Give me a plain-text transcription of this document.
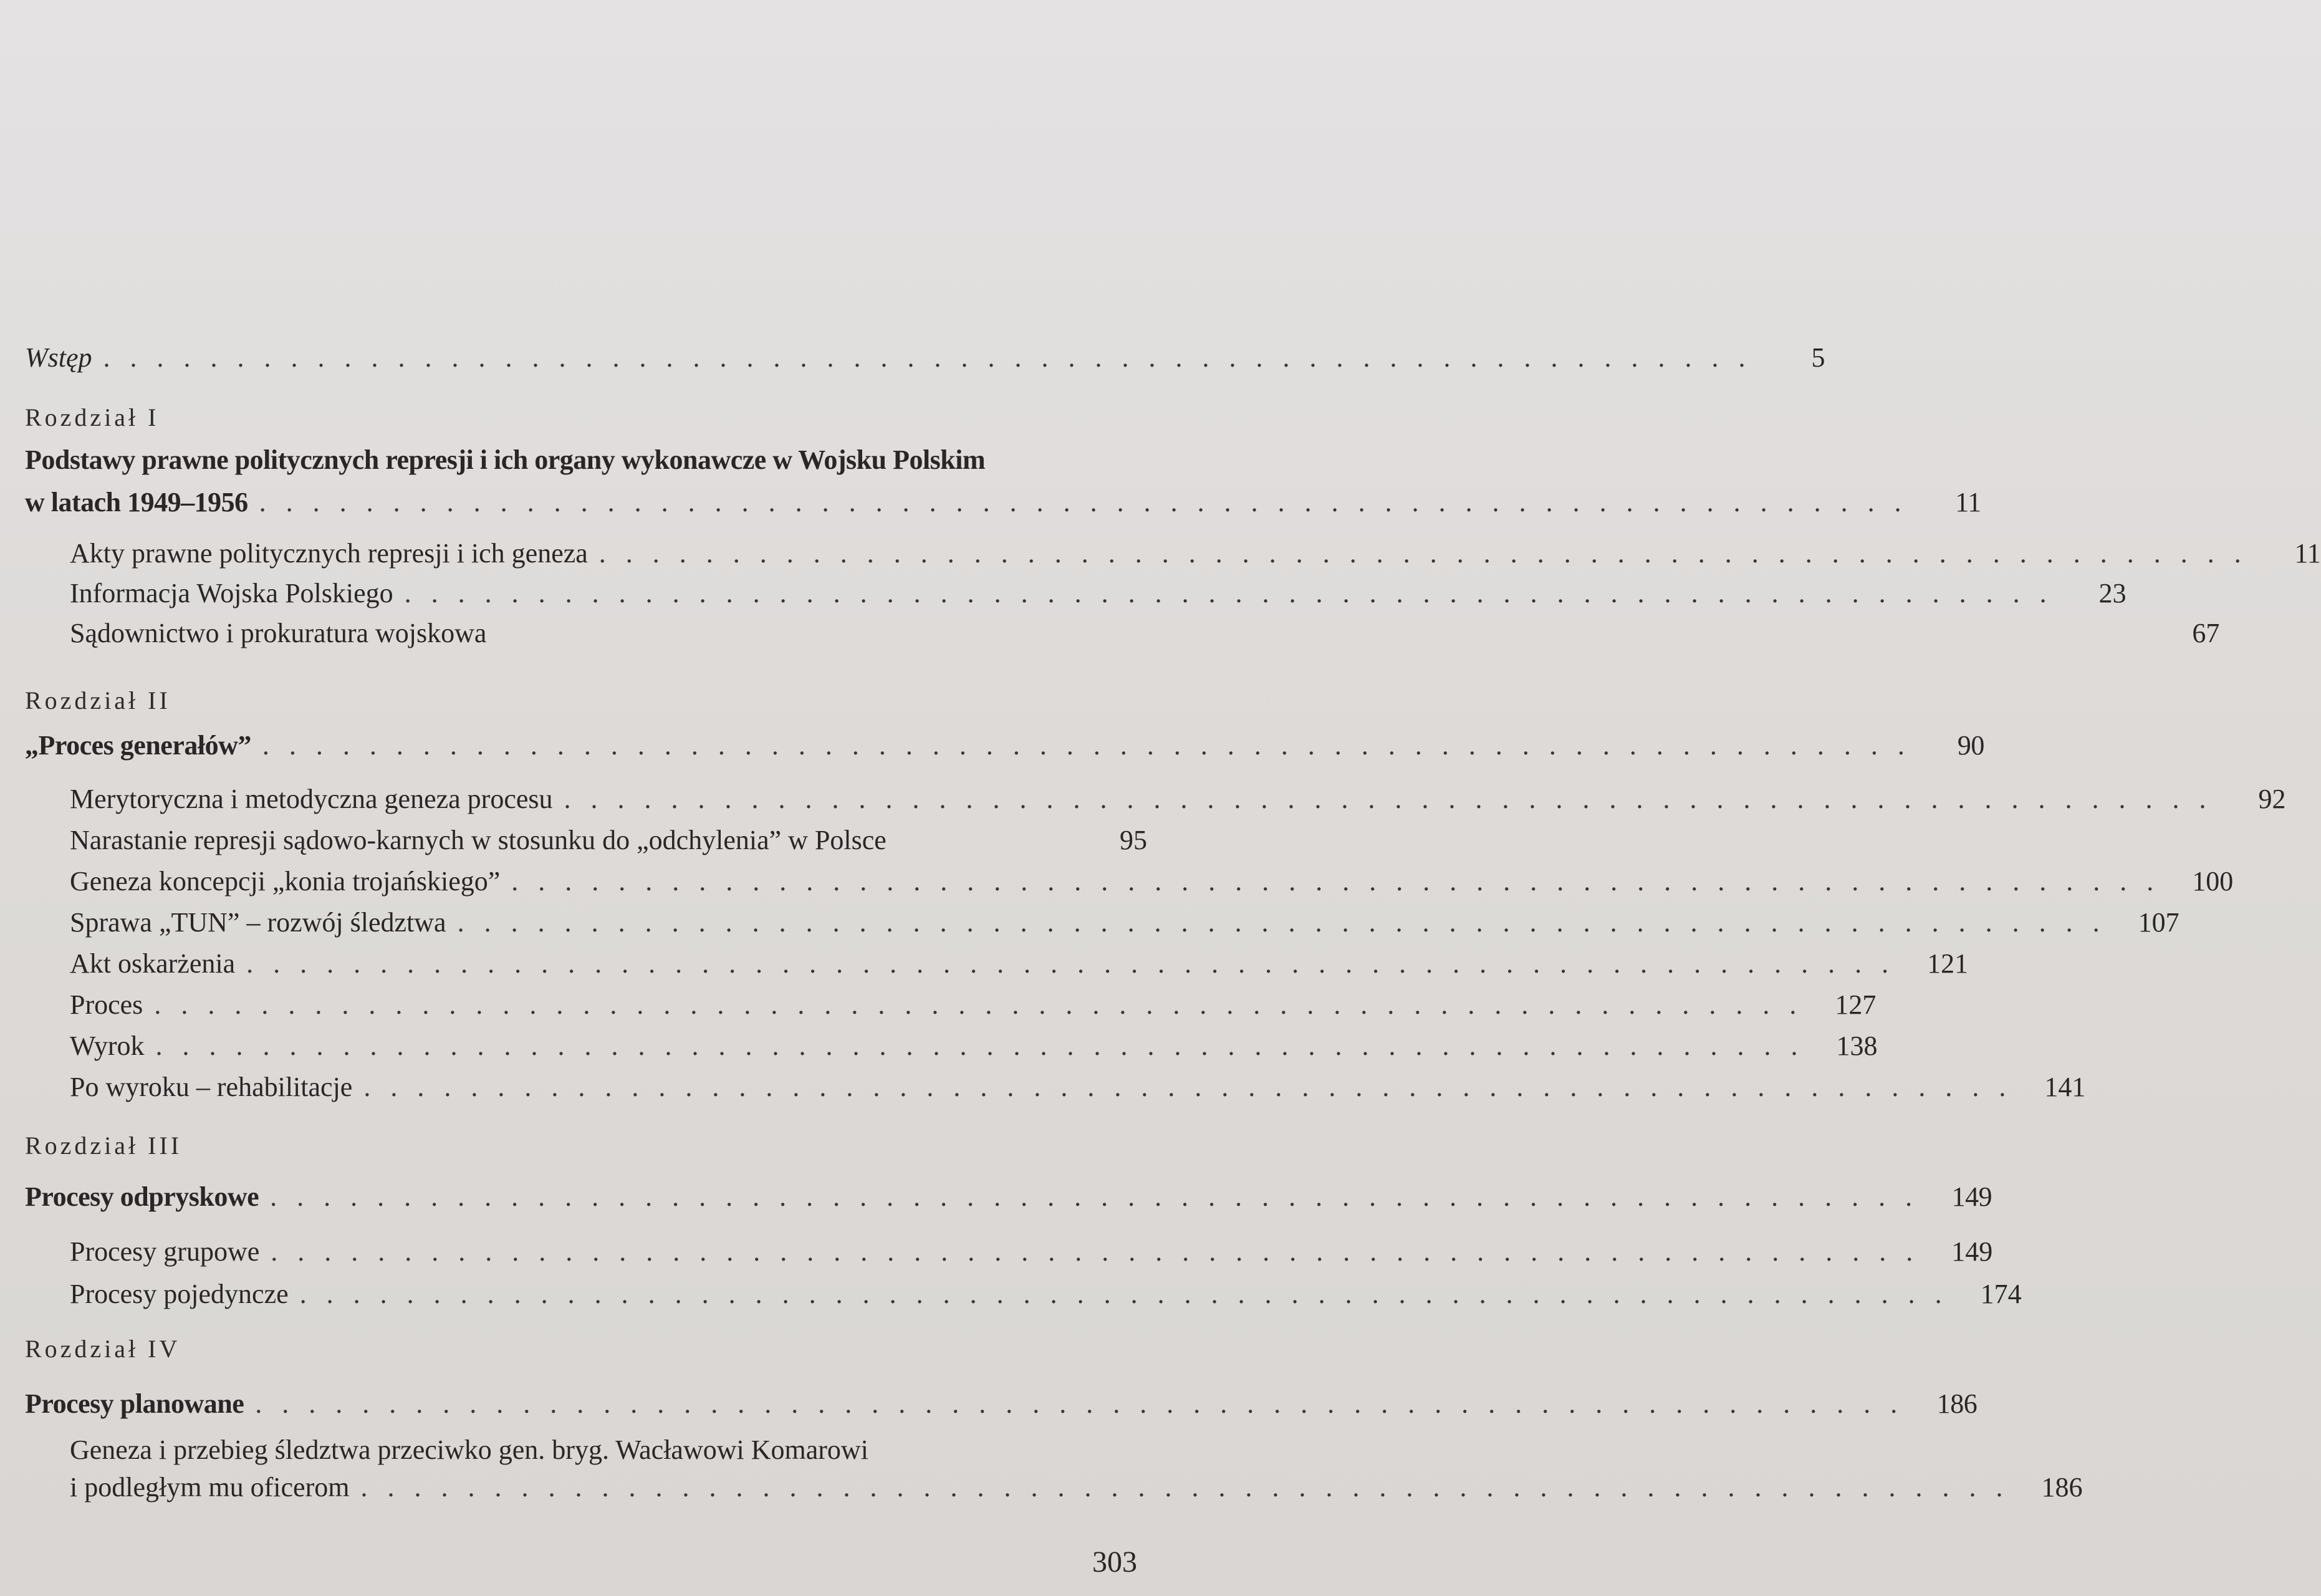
Wstęp ..............................................................	5
Rozdział I
Podstawy prawne politycznych represji i ich organy wykonawcze w Wojsku Polskim
w latach 1949–1956 ..............................................................	11
Akty prawne politycznych represji i ich geneza ..............................................................	11
Informacja Wojska Polskiego ..............................................................	23
Sądownictwo i prokuratura wojskowa	67
Rozdział II
„Proces generałów” ..............................................................	90
Merytoryczna i metodyczna geneza procesu ..............................................................	92
Narastanie represji sądowo-karnych w stosunku do „odchylenia” w Polsce	95
Geneza koncepcji „konia trojańskiego” .............................................................. 100
Sprawa „TUN” – rozwój śledztwa .............................................................. 107
Akt oskarżenia .............................................................. 121
Proces .............................................................. 127
Wyrok .............................................................. 138
Po wyroku – rehabilitacje .............................................................. 141
Rozdział III
Procesy odpryskowe .............................................................. 149
Procesy grupowe .............................................................. 149
Procesy pojedyncze .............................................................. 174
Rozdział IV
Procesy planowane .............................................................. 186
Geneza i przebieg śledztwa przeciwko gen. bryg. Wacławowi Komarowi
i podległym mu oficerom .............................................................. 186
303
